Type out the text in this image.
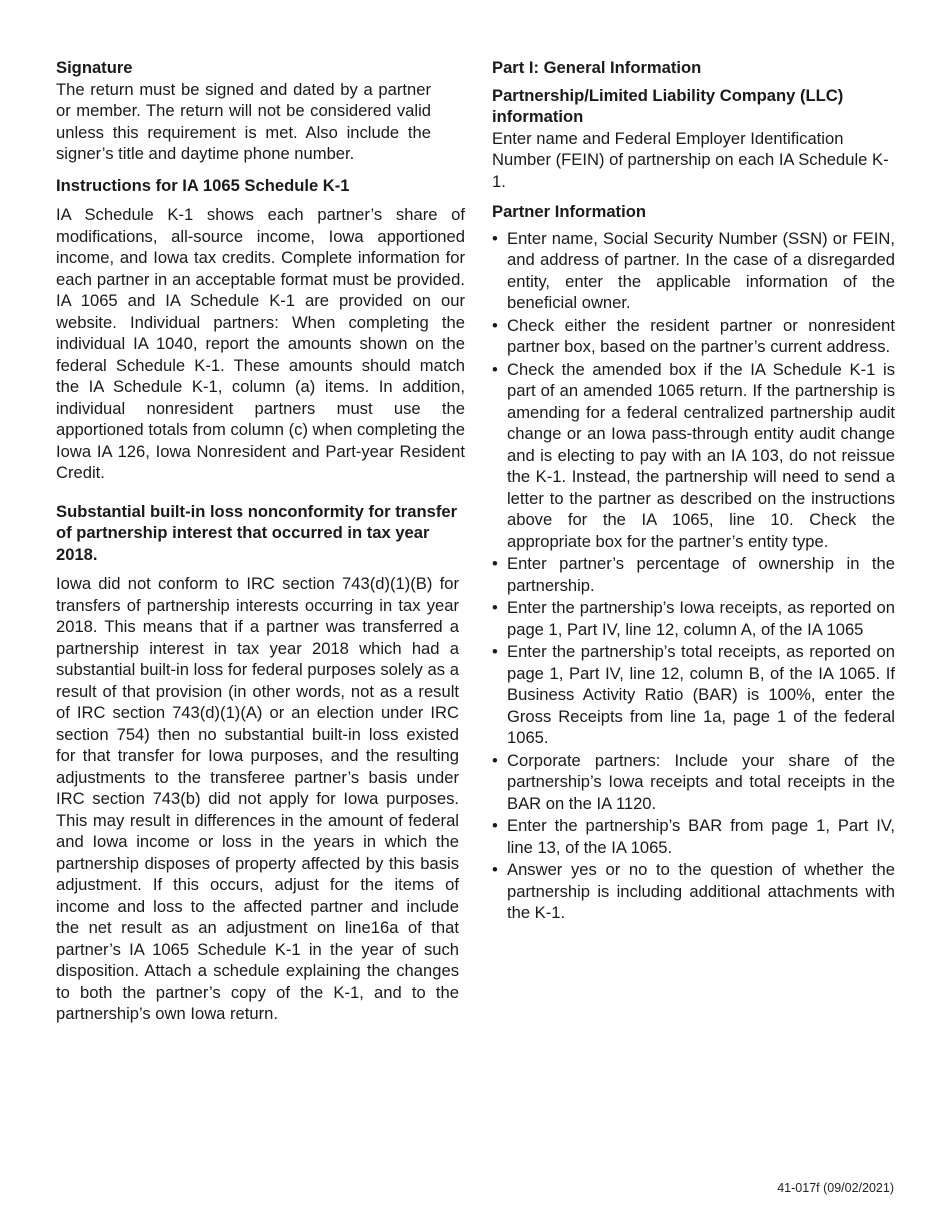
Signature

The return must be signed and dated by a partner or member. The return will not be considered valid unless this requirement is met. Also include the signer’s title and daytime phone number.

Instructions for IA 1065 Schedule K-1

IA Schedule K-1 shows each partner’s share of modifications, all-source income, Iowa apportioned income, and Iowa tax credits. Complete information for each partner in an acceptable format must be provided. IA 1065 and IA Schedule K-1 are provided on our website. Individual partners: When completing the individual IA 1040, report the amounts shown on the federal Schedule K-1. These amounts should match the IA Schedule K-1, column (a) items. In addition, individual nonresident partners must use the apportioned totals from column (c) when completing the Iowa IA 126, Iowa Nonresident and Part-year Resident Credit.

Substantial built-in loss nonconformity for transfer of partnership interest that occurred in tax year 2018.

Iowa did not conform to IRC section 743(d)(1)(B) for transfers of partnership interests occurring in tax year 2018. This means that if a partner was transferred a partnership interest in tax year 2018 which had a substantial built-in loss for federal purposes solely as a result of that provision (in other words, not as a result of IRC section 743(d)(1)(A) or an election under IRC section 754) then no substantial built-in loss existed for that transfer for Iowa purposes, and the resulting adjustments to the transferee partner’s basis under IRC section 743(b) did not apply for Iowa purposes. This may result in differences in the amount of federal and Iowa income or loss in the years in which the partnership disposes of property affected by this basis adjustment. If this occurs, adjust for the items of income and loss to the affected partner and include the net result as an adjustment on line16a of that partner’s IA 1065 Schedule K-1 in the year of such disposition. Attach a schedule explaining the changes to both the partner’s copy of the K-1, and to the partnership’s own Iowa return.

Part I: General Information

Partnership/Limited Liability Company (LLC) information

Enter name and Federal Employer Identification Number (FEIN) of partnership on each IA Schedule K-1.

Partner Information

• Enter name, Social Security Number (SSN) or FEIN, and address of partner. In the case of a disregarded entity, enter the applicable information of the beneficial owner.
• Check either the resident partner or nonresident partner box, based on the partner’s current address.
• Check the amended box if the IA Schedule K-1 is part of an amended 1065 return. If the partnership is amending for a federal centralized partnership audit change or an Iowa pass-through entity audit change and is electing to pay with an IA 103, do not reissue the K-1. Instead, the partnership will need to send a letter to the partner as described on the instructions above for the IA 1065, line 10. Check the appropriate box for the partner’s entity type.
• Enter partner’s percentage of ownership in the partnership.
• Enter the partnership’s Iowa receipts, as reported on page 1, Part IV, line 12, column A, of the IA 1065
• Enter the partnership’s total receipts, as reported on page 1, Part IV, line 12, column B, of the IA 1065. If Business Activity Ratio (BAR) is 100%, enter the Gross Receipts from line 1a, page 1 of the federal 1065.
• Corporate partners: Include your share of the partnership’s Iowa receipts and total receipts in the BAR on the IA 1120.
• Enter the partnership’s BAR from page 1, Part IV, line 13, of the IA 1065.
• Answer yes or no to the question of whether the partnership is including additional attachments with the K-1.
41-017f (09/02/2021)
